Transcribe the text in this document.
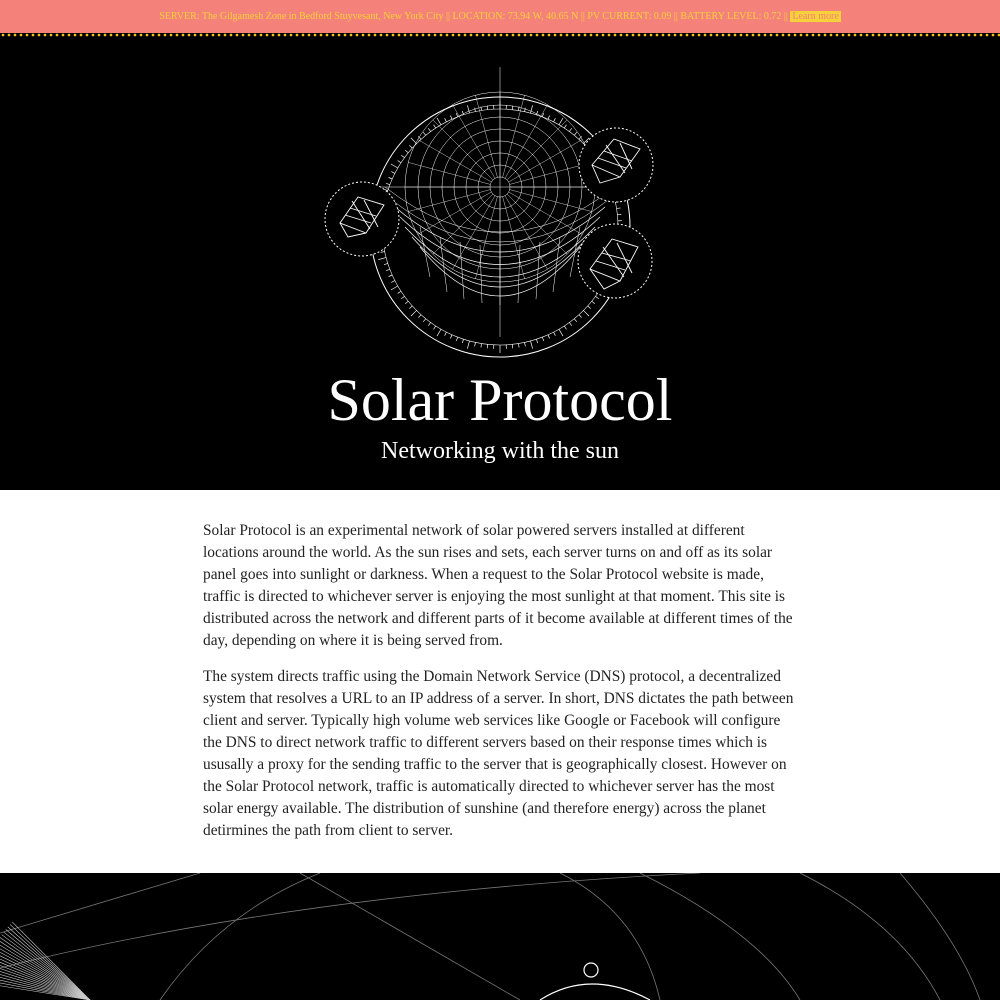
SERVER: The Gilgamesh Zone in Bedford Stuyvesant, New York City || LOCATION: 73.94 W, 40.65 N || PV CURRENT: 0.09 || BATTERY LEVEL: 0.72 || Learn more
Solar Protocol
Networking with the sun

Solar Protocol is an experimental network of solar powered servers installed at different locations around the world. As the sun rises and sets, each server turns on and off as its solar panel goes into sunlight or darkness. When a request to the Solar Protocol website is made, traffic is directed to whichever server is enjoying the most sunlight at that moment. This site is distributed across the network and different parts of it become available at different times of the day, depending on where it is being served from.

The system directs traffic using the Domain Network Service (DNS) protocol, a decentralized system that resolves a URL to an IP address of a server. In short, DNS dictates the path between client and server. Typically high volume web services like Google or Facebook will configure the DNS to direct network traffic to different servers based on their response times which is ususally a proxy for the sending traffic to the server that is geographically closest. However on the Solar Protocol network, traffic is automatically directed to whichever server has the most solar energy available. The distribution of sunshine (and therefore energy) across the planet detirmines the path from client to server.
